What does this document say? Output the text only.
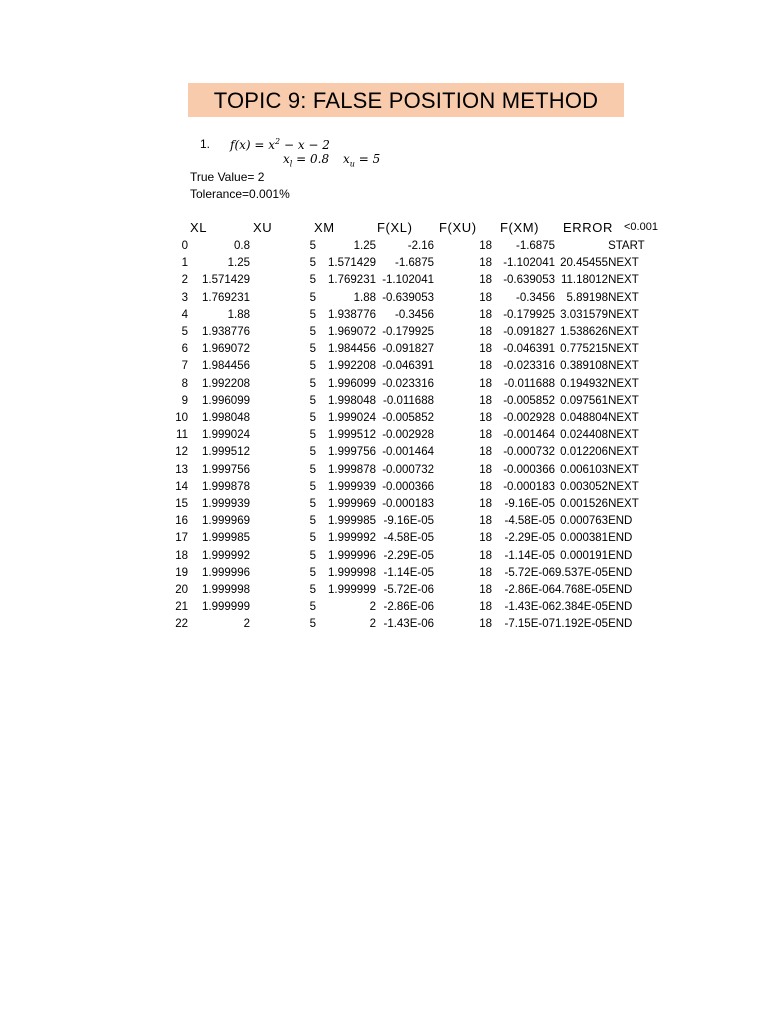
TOPIC 9: FALSE POSITION METHOD
1. $f(x) = x^2 - x - 2$
$x_l = 0.8$ $x_u = 5$
True Value= 2
Tolerance=0.001%
XL	XU	XM	F(XL) F(XU) F(XM) ERROR <0.001
0	0.8	5	1.25	-2.16	18	-1.6875		START
1	1.25	5	1.571429	-1.6875	18	-1.102041	20.45455	NEXT
2	1.571429	5	1.769231	-1.102041	18	-0.639053	11.18012	NEXT
3	1.769231	5	1.88	-0.639053	18	-0.3456	5.89198	NEXT
4	1.88	5	1.938776	-0.3456	18	-0.179925	3.031579	NEXT
5	1.938776	5	1.969072	-0.179925	18	-0.091827	1.538626	NEXT
6	1.969072	5	1.984456	-0.091827	18	-0.046391	0.775215	NEXT
7	1.984456	5	1.992208	-0.046391	18	-0.023316	0.389108	NEXT
8	1.992208	5	1.996099	-0.023316	18	-0.011688	0.194932	NEXT
9	1.996099	5	1.998048	-0.011688	18	-0.005852	0.097561	NEXT
10	1.998048	5	1.999024	-0.005852	18	-0.002928	0.048804	NEXT
11	1.999024	5	1.999512	-0.002928	18	-0.001464	0.024408	NEXT
12	1.999512	5	1.999756	-0.001464	18	-0.000732	0.012206	NEXT
13	1.999756	5	1.999878	-0.000732	18	-0.000366	0.006103	NEXT
14	1.999878	5	1.999939	-0.000366	18	-0.000183	0.003052	NEXT
15	1.999939	5	1.999969	-0.000183	18	-9.16E-05	0.001526	NEXT
16	1.999969	5	1.999985	-9.16E-05	18	-4.58E-05	0.000763	END
17	1.999985	5	1.999992	-4.58E-05	18	-2.29E-05	0.000381	END
18	1.999992	5	1.999996	-2.29E-05	18	-1.14E-05	0.000191	END
19	1.999996	5	1.999998	-1.14E-05	18	-5.72E-06	9.537E-05	END
20	1.999998	5	1.999999	-5.72E-06	18	-2.86E-06	4.768E-05	END
21	1.999999	5	2	-2.86E-06	18	-1.43E-06	2.384E-05	END
22	2	5	2	-1.43E-06	18	-7.15E-07	1.192E-05	END
